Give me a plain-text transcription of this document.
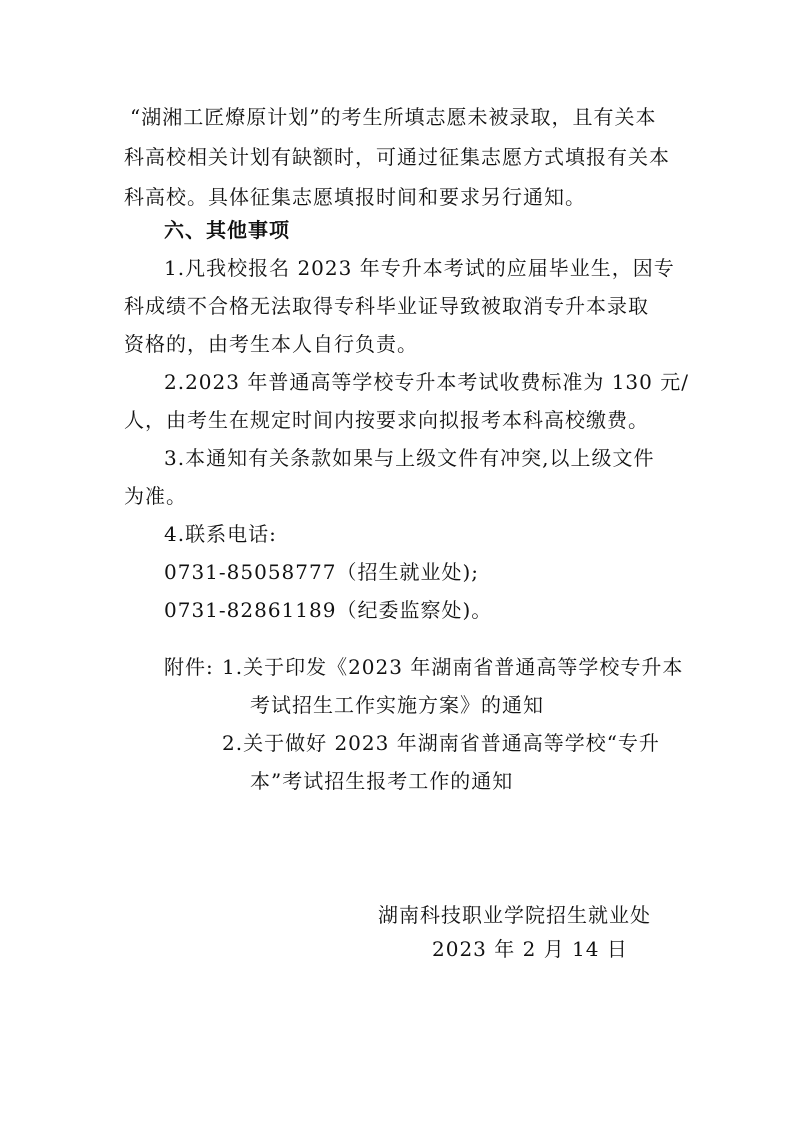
“湖湘工匠燎原计划”的考生所填志愿未被录取，且有关本
科高校相关计划有缺额时，可通过征集志愿方式填报有关本
科高校。具体征集志愿填报时间和要求另行通知。
六、其他事项
1.凡我校报名 2023 年专升本考试的应届毕业生，因专
科成绩不合格无法取得专科毕业证导致被取消专升本录取
资格的，由考生本人自行负责。
2.2023 年普通高等学校专升本考试收费标准为 130 元/
人，由考生在规定时间内按要求向拟报考本科高校缴费。
3.本通知有关条款如果与上级文件有冲突,以上级文件
为准。
4.联系电话:
0731-85058777（招生就业处);
0731-82861189（纪委监察处)。
附件: 1.关于印发《2023 年湖南省普通高等学校专升本
考试招生工作实施方案》的通知
2.关于做好 2023 年湖南省普通高等学校“专升
本”考试招生报考工作的通知
湖南科技职业学院招生就业处
2023 年 2 月 14 日
